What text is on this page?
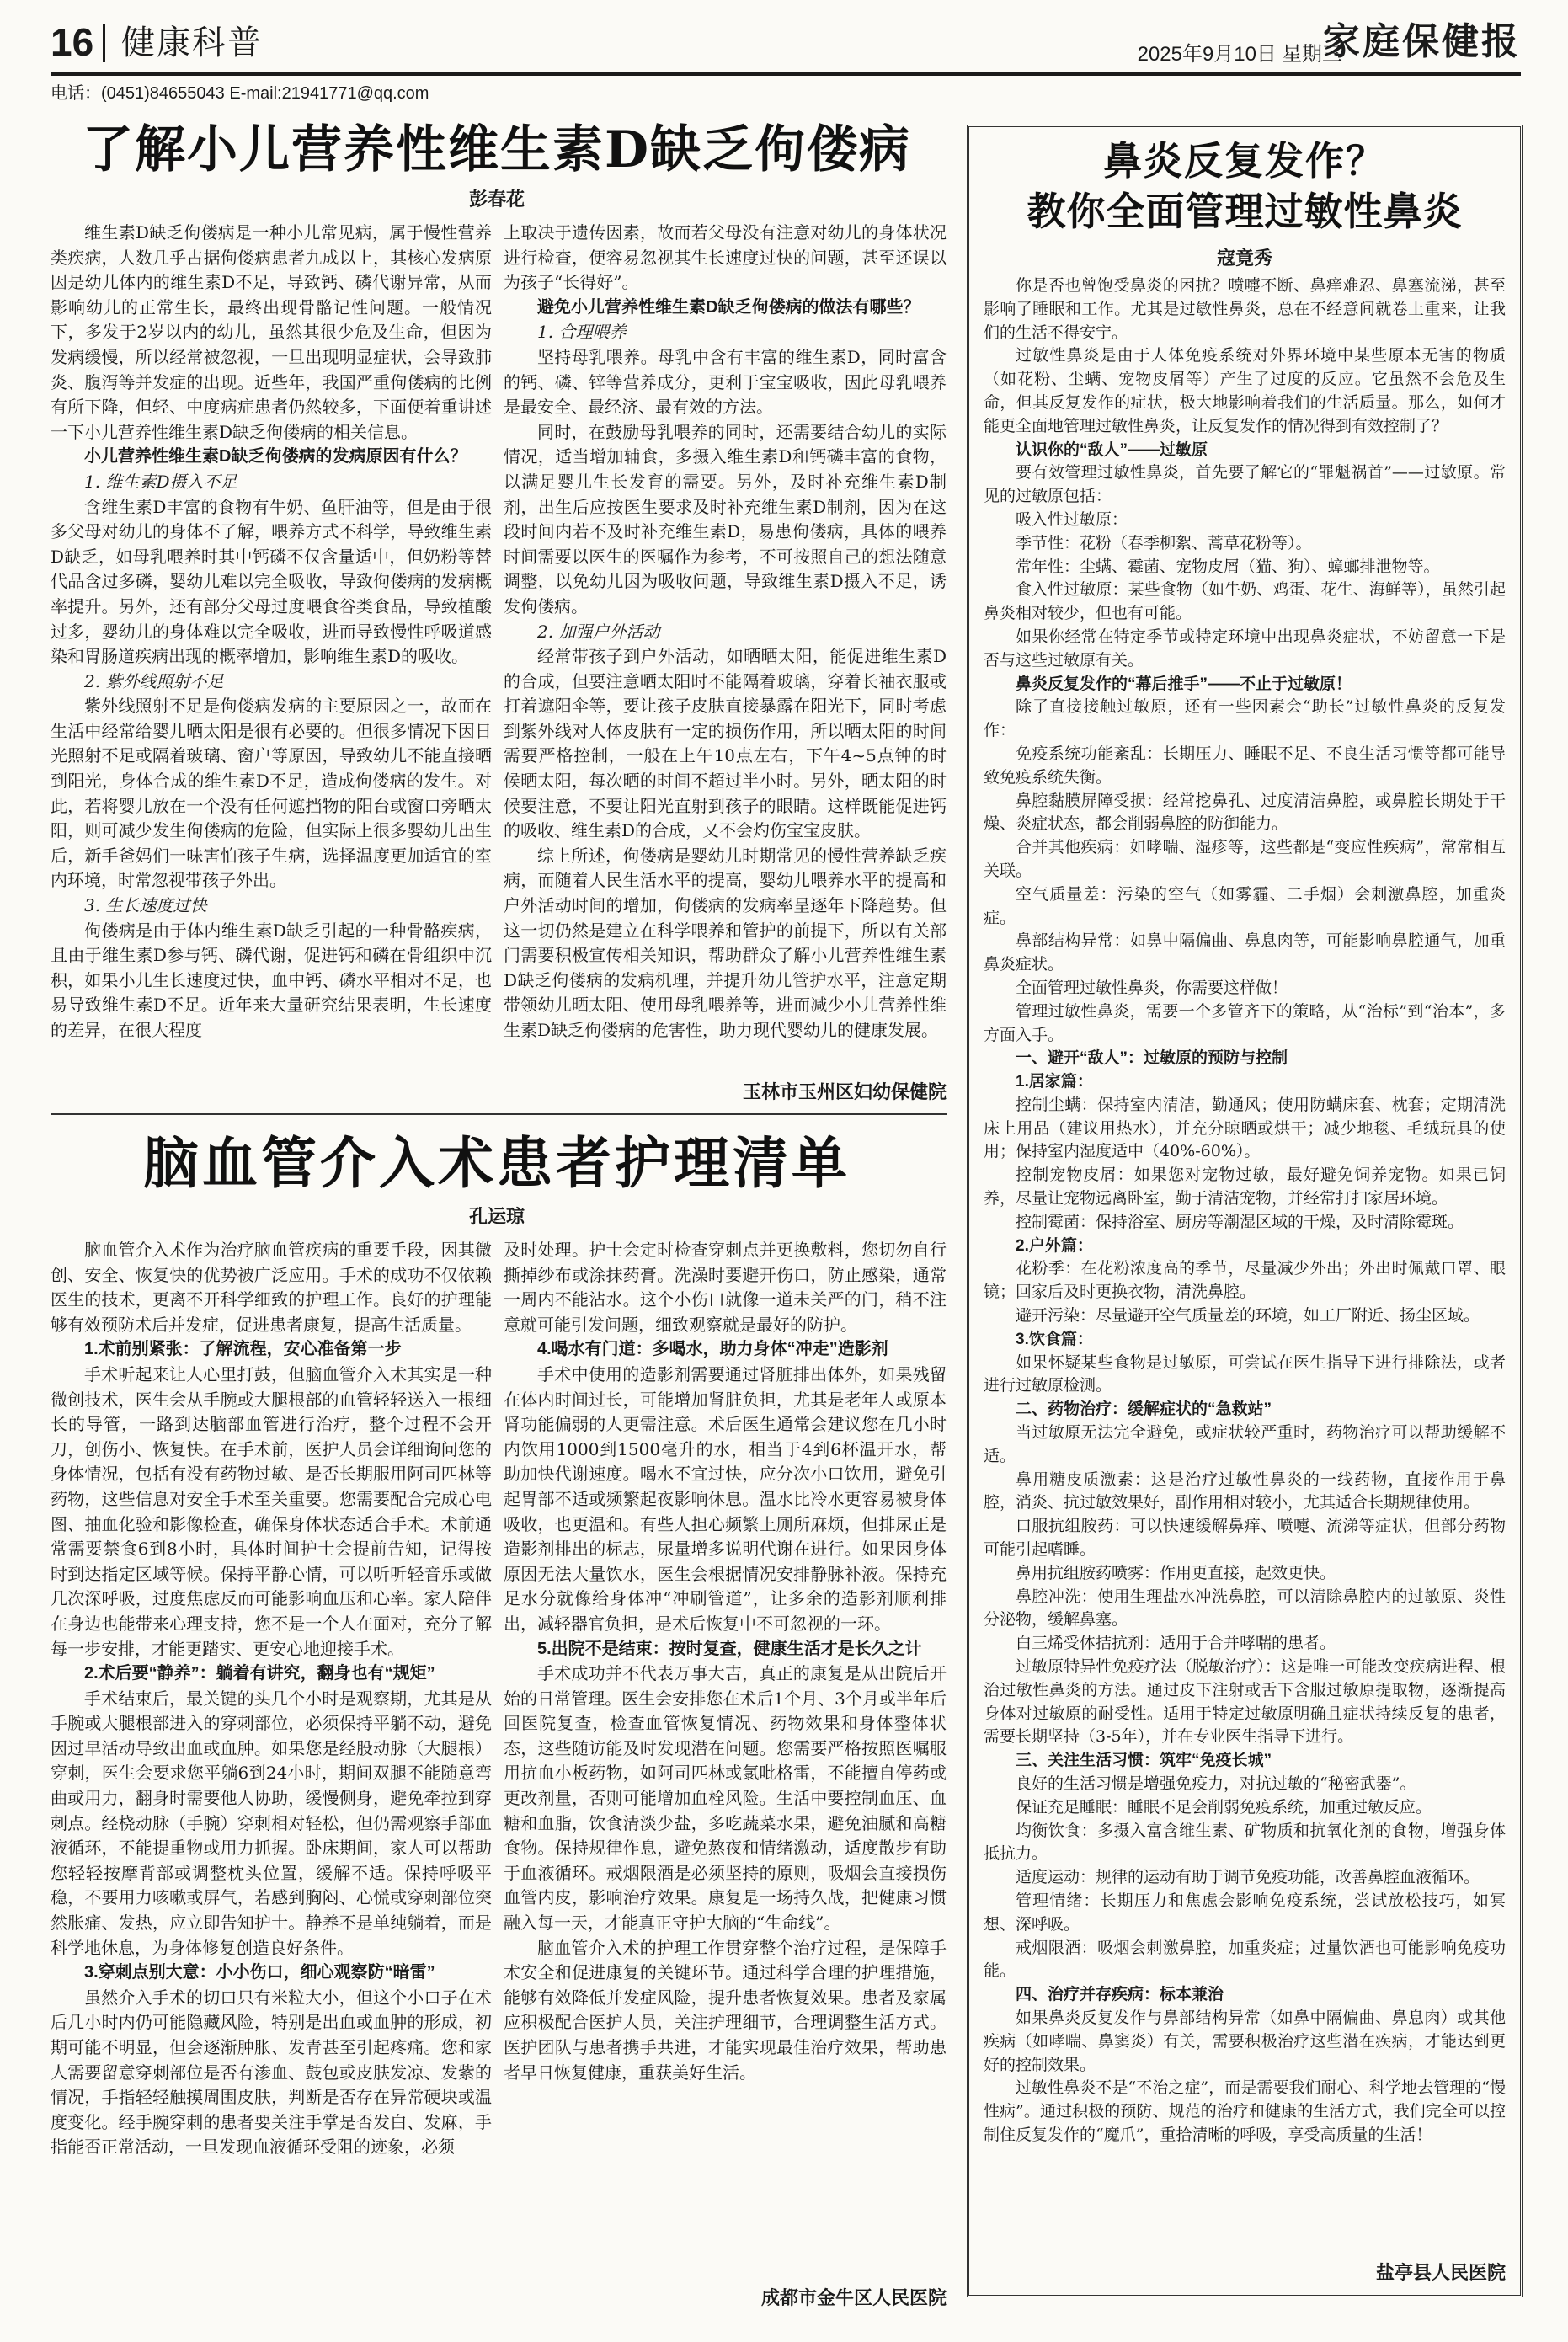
16 健康科普	2025年9月10日 星期三
家庭保健报
电话：(0451)84655043 E-mail:21941771@qq.com
了解小儿营养性维生素D缺乏佝偻病
彭春花

维生素D缺乏佝偻病是一种小儿常见病，属于慢性营养类疾病，人数几乎占据佝偻病患者九成以上，其核心发病原因是幼儿体内的维生素D不足，导致钙、磷代谢异常，从而影响幼儿的正常生长，最终出现骨骼记性问题。一般情况下，多发于2岁以内的幼儿，虽然其很少危及生命，但因为发病缓慢，所以经常被忽视，一旦出现明显症状，会导致肺炎、腹泻等并发症的出现。近些年，我国严重佝偻病的比例有所下降，但轻、中度病症患者仍然较多，下面便着重讲述一下小儿营养性维生素D缺乏佝偻病的相关信息。

小儿营养性维生素D缺乏佝偻病的发病原因有什么？

1. 维生素D摄入不足

含维生素D丰富的食物有牛奶、鱼肝油等，但是由于很多父母对幼儿的身体不了解，喂养方式不科学，导致维生素D缺乏，如母乳喂养时其中钙磷不仅含量适中，但奶粉等替代品含过多磷，婴幼儿难以完全吸收，导致佝偻病的发病概率提升。另外，还有部分父母过度喂食谷类食品，导致植酸过多，婴幼儿的身体难以完全吸收，进而导致慢性呼吸道感染和胃肠道疾病出现的概率增加，影响维生素D的吸收。

2. 紫外线照射不足

紫外线照射不足是佝偻病发病的主要原因之一，故而在生活中经常给婴儿晒太阳是很有必要的。但很多情况下因日光照射不足或隔着玻璃、窗户等原因，导致幼儿不能直接晒到阳光，身体合成的维生素D不足，造成佝偻病的发生。对此，若将婴儿放在一个没有任何遮挡物的阳台或窗口旁晒太阳，则可减少发生佝偻病的危险，但实际上很多婴幼儿出生后，新手爸妈们一味害怕孩子生病，选择温度更加适宜的室内环境，时常忽视带孩子外出。

3. 生长速度过快

佝偻病是由于体内维生素D缺乏引起的一种骨骼疾病，且由于维生素D参与钙、磷代谢，促进钙和磷在骨组织中沉积，如果小儿生长速度过快，血中钙、磷水平相对不足，也易导致维生素D不足。近年来大量研究结果表明，生长速度的差异，在很大程度

上取决于遗传因素，故而若父母没有注意对幼儿的身体状况进行检查，便容易忽视其生长速度过快的问题，甚至还误以为孩子“长得好”。

避免小儿营养性维生素D缺乏佝偻病的做法有哪些？

1. 合理喂养

坚持母乳喂养。母乳中含有丰富的维生素D，同时富含的钙、磷、锌等营养成分，更利于宝宝吸收，因此母乳喂养是最安全、最经济、最有效的方法。

同时，在鼓励母乳喂养的同时，还需要结合幼儿的实际情况，适当增加辅食，多摄入维生素D和钙磷丰富的食物，以满足婴儿生长发育的需要。另外，及时补充维生素D制剂，出生后应按医生要求及时补充维生素D制剂，因为在这段时间内若不及时补充维生素D，易患佝偻病，具体的喂养时间需要以医生的医嘱作为参考，不可按照自己的想法随意调整，以免幼儿因为吸收问题，导致维生素D摄入不足，诱发佝偻病。

2. 加强户外活动

经常带孩子到户外活动，如晒晒太阳，能促进维生素D的合成，但要注意晒太阳时不能隔着玻璃，穿着长袖衣服或打着遮阳伞等，要让孩子皮肤直接暴露在阳光下，同时考虑到紫外线对人体皮肤有一定的损伤作用，所以晒太阳的时间需要严格控制，一般在上午10点左右，下午4~5点钟的时候晒太阳，每次晒的时间不超过半小时。另外，晒太阳的时候要注意，不要让阳光直射到孩子的眼睛。这样既能促进钙的吸收、维生素D的合成，又不会灼伤宝宝皮肤。

综上所述，佝偻病是婴幼儿时期常见的慢性营养缺乏疾病，而随着人民生活水平的提高，婴幼儿喂养水平的提高和户外活动时间的增加，佝偻病的发病率呈逐年下降趋势。但这一切仍然是建立在科学喂养和管护的前提下，所以有关部门需要积极宣传相关知识，帮助群众了解小儿营养性维生素D缺乏佝偻病的发病机理，并提升幼儿管护水平，注意定期带领幼儿晒太阳、使用母乳喂养等，进而减少小儿营养性维生素D缺乏佝偻病的危害性，助力现代婴幼儿的健康发展。

玉林市玉州区妇幼保健院
脑血管介入术患者护理清单
孔运琼

脑血管介入术作为治疗脑血管疾病的重要手段，因其微创、安全、恢复快的优势被广泛应用。手术的成功不仅依赖医生的技术，更离不开科学细致的护理工作。良好的护理能够有效预防术后并发症，促进患者康复，提高生活质量。

1.术前别紧张：了解流程，安心准备第一步

手术听起来让人心里打鼓，但脑血管介入术其实是一种微创技术，医生会从手腕或大腿根部的血管轻轻送入一根细长的导管，一路到达脑部血管进行治疗，整个过程不会开刀，创伤小、恢复快。在手术前，医护人员会详细询问您的身体情况，包括有没有药物过敏、是否长期服用阿司匹林等药物，这些信息对安全手术至关重要。您需要配合完成心电图、抽血化验和影像检查，确保身体状态适合手术。术前通常需要禁食6到8小时，具体时间护士会提前告知，记得按时到达指定区域等候。保持平静心情，可以听听轻音乐或做几次深呼吸，过度焦虑反而可能影响血压和心率。家人陪伴在身边也能带来心理支持，您不是一个人在面对，充分了解每一步安排，才能更踏实、更安心地迎接手术。

2.术后要“静养”：躺着有讲究，翻身也有“规矩”

手术结束后，最关键的头几个小时是观察期，尤其是从手腕或大腿根部进入的穿刺部位，必须保持平躺不动，避免因过早活动导致出血或血肿。如果您是经股动脉（大腿根）穿刺，医生会要求您平躺6到24小时，期间双腿不能随意弯曲或用力，翻身时需要他人协助，缓慢侧身，避免牵拉到穿刺点。经桡动脉（手腕）穿刺相对轻松，但仍需观察手部血液循环，不能提重物或用力抓握。卧床期间，家人可以帮助您轻轻按摩背部或调整枕头位置，缓解不适。保持呼吸平稳，不要用力咳嗽或屏气，若感到胸闷、心慌或穿刺部位突然胀痛、发热，应立即告知护士。静养不是单纯躺着，而是科学地休息，为身体修复创造良好条件。

3.穿刺点别大意：小小伤口，细心观察防“暗雷”

虽然介入手术的切口只有米粒大小，但这个小口子在术后几小时内仍可能隐藏风险，特别是出血或血肿的形成，初期可能不明显，但会逐渐肿胀、发青甚至引起疼痛。您和家人需要留意穿刺部位是否有渗血、鼓包或皮肤发凉、发紫的情况，手指轻轻触摸周围皮肤，判断是否存在异常硬块或温度变化。经手腕穿刺的患者要关注手掌是否发白、发麻，手指能否正常活动，一旦发现血液循环受阻的迹象，必须

及时处理。护士会定时检查穿刺点并更换敷料，您切勿自行撕掉纱布或涂抹药膏。洗澡时要避开伤口，防止感染，通常一周内不能沾水。这个小伤口就像一道未关严的门，稍不注意就可能引发问题，细致观察就是最好的防护。

4.喝水有门道：多喝水，助力身体“冲走”造影剂

手术中使用的造影剂需要通过肾脏排出体外，如果残留在体内时间过长，可能增加肾脏负担，尤其是老年人或原本肾功能偏弱的人更需注意。术后医生通常会建议您在几小时内饮用1000到1500毫升的水，相当于4到6杯温开水，帮助加快代谢速度。喝水不宜过快，应分次小口饮用，避免引起胃部不适或频繁起夜影响休息。温水比冷水更容易被身体吸收，也更温和。有些人担心频繁上厕所麻烦，但排尿正是造影剂排出的标志，尿量增多说明代谢在进行。如果因身体原因无法大量饮水，医生会根据情况安排静脉补液。保持充足水分就像给身体冲“冲刷管道”，让多余的造影剂顺利排出，减轻器官负担，是术后恢复中不可忽视的一环。

5.出院不是结束：按时复查，健康生活才是长久之计

手术成功并不代表万事大吉，真正的康复是从出院后开始的日常管理。医生会安排您在术后1个月、3个月或半年后回医院复查，检查血管恢复情况、药物效果和身体整体状态，这些随访能及时发现潜在问题。您需要严格按照医嘱服用抗血小板药物，如阿司匹林或氯吡格雷，不能擅自停药或更改剂量，否则可能增加血栓风险。生活中要控制血压、血糖和血脂，饮食清淡少盐，多吃蔬菜水果，避免油腻和高糖食物。保持规律作息，避免熬夜和情绪激动，适度散步有助于血液循环。戒烟限酒是必须坚持的原则，吸烟会直接损伤血管内皮，影响治疗效果。康复是一场持久战，把健康习惯融入每一天，才能真正守护大脑的“生命线”。

脑血管介入术的护理工作贯穿整个治疗过程，是保障手术安全和促进康复的关键环节。通过科学合理的护理措施，能够有效降低并发症风险，提升患者恢复效果。患者及家属应积极配合医护人员，关注护理细节，合理调整生活方式。医护团队与患者携手共进，才能实现最佳治疗效果，帮助患者早日恢复健康，重获美好生活。

成都市金牛区人民医院
鼻炎反复发作？
教你全面管理过敏性鼻炎
寇竟秀

你是否也曾饱受鼻炎的困扰？喷嚏不断、鼻痒难忍、鼻塞流涕，甚至影响了睡眠和工作。尤其是过敏性鼻炎，总在不经意间就卷土重来，让我们的生活不得安宁。

过敏性鼻炎是由于人体免疫系统对外界环境中某些原本无害的物质（如花粉、尘螨、宠物皮屑等）产生了过度的反应。它虽然不会危及生命，但其反复发作的症状，极大地影响着我们的生活质量。那么，如何才能更全面地管理过敏性鼻炎，让反复发作的情况得到有效控制了？

认识你的“敌人”——过敏原

要有效管理过敏性鼻炎，首先要了解它的“罪魁祸首”——过敏原。常见的过敏原包括：

吸入性过敏原：

季节性：花粉（春季柳絮、蒿草花粉等）。

常年性：尘螨、霉菌、宠物皮屑（猫、狗）、蟑螂排泄物等。

食入性过敏原：某些食物（如牛奶、鸡蛋、花生、海鲜等），虽然引起鼻炎相对较少，但也有可能。

如果你经常在特定季节或特定环境中出现鼻炎症状，不妨留意一下是否与这些过敏原有关。

鼻炎反复发作的“幕后推手”——不止于过敏原！

除了直接接触过敏原，还有一些因素会“助长”过敏性鼻炎的反复发作：

免疫系统功能紊乱：长期压力、睡眠不足、不良生活习惯等都可能导致免疫系统失衡。

鼻腔黏膜屏障受损：经常挖鼻孔、过度清洁鼻腔，或鼻腔长期处于干燥、炎症状态，都会削弱鼻腔的防御能力。

合并其他疾病：如哮喘、湿疹等，这些都是“变应性疾病”，常常相互关联。

空气质量差：污染的空气（如雾霾、二手烟）会刺激鼻腔，加重炎症。

鼻部结构异常：如鼻中隔偏曲、鼻息肉等，可能影响鼻腔通气，加重鼻炎症状。

全面管理过敏性鼻炎，你需要这样做！

管理过敏性鼻炎，需要一个多管齐下的策略，从“治标”到“治本”，多方面入手。

一、避开“敌人”：过敏原的预防与控制

1.居家篇：

控制尘螨：保持室内清洁，勤通风；使用防螨床套、枕套；定期清洗床上用品（建议用热水），并充分晾晒或烘干；减少地毯、毛绒玩具的使用；保持室内湿度适中（40%-60%）。

控制宠物皮屑：如果您对宠物过敏，最好避免饲养宠物。如果已饲养，尽量让宠物远离卧室，勤于清洁宠物，并经常打扫家居环境。

控制霉菌：保持浴室、厨房等潮湿区域的干燥，及时清除霉斑。

2.户外篇：

花粉季：在花粉浓度高的季节，尽量减少外出；外出时佩戴口罩、眼镜；回家后及时更换衣物，清洗鼻腔。

避开污染：尽量避开空气质量差的环境，如工厂附近、扬尘区域。

3.饮食篇：

如果怀疑某些食物是过敏原，可尝试在医生指导下进行排除法，或者进行过敏原检测。

二、药物治疗：缓解症状的“急救站”

当过敏原无法完全避免，或症状较严重时，药物治疗可以帮助缓解不适。

鼻用糖皮质激素：这是治疗过敏性鼻炎的一线药物，直接作用于鼻腔，消炎、抗过敏效果好，副作用相对较小，尤其适合长期规律使用。

口服抗组胺药：可以快速缓解鼻痒、喷嚏、流涕等症状，但部分药物可能引起嗜睡。

鼻用抗组胺药喷雾：作用更直接，起效更快。

鼻腔冲洗：使用生理盐水冲洗鼻腔，可以清除鼻腔内的过敏原、炎性分泌物，缓解鼻塞。

白三烯受体拮抗剂：适用于合并哮喘的患者。

过敏原特异性免疫疗法（脱敏治疗）：这是唯一可能改变疾病进程、根治过敏性鼻炎的方法。通过皮下注射或舌下含服过敏原提取物，逐渐提高身体对过敏原的耐受性。适用于特定过敏原明确且症状持续反复的患者，需要长期坚持（3-5年），并在专业医生指导下进行。

三、关注生活习惯：筑牢“免疫长城”

良好的生活习惯是增强免疫力，对抗过敏的“秘密武器”。

保证充足睡眠：睡眠不足会削弱免疫系统，加重过敏反应。

均衡饮食：多摄入富含维生素、矿物质和抗氧化剂的食物，增强身体抵抗力。

适度运动：规律的运动有助于调节免疫功能，改善鼻腔血液循环。

管理情绪：长期压力和焦虑会影响免疫系统，尝试放松技巧，如冥想、深呼吸。

戒烟限酒：吸烟会刺激鼻腔，加重炎症；过量饮酒也可能影响免疫功能。

四、治疗并存疾病：标本兼治

如果鼻炎反复发作与鼻部结构异常（如鼻中隔偏曲、鼻息肉）或其他疾病（如哮喘、鼻窦炎）有关，需要积极治疗这些潜在疾病，才能达到更好的控制效果。

过敏性鼻炎不是“不治之症”，而是需要我们耐心、科学地去管理的“慢性病”。通过积极的预防、规范的治疗和健康的生活方式，我们完全可以控制住反复发作的“魔爪”，重拾清晰的呼吸，享受高质量的生活！

盐亭县人民医院
